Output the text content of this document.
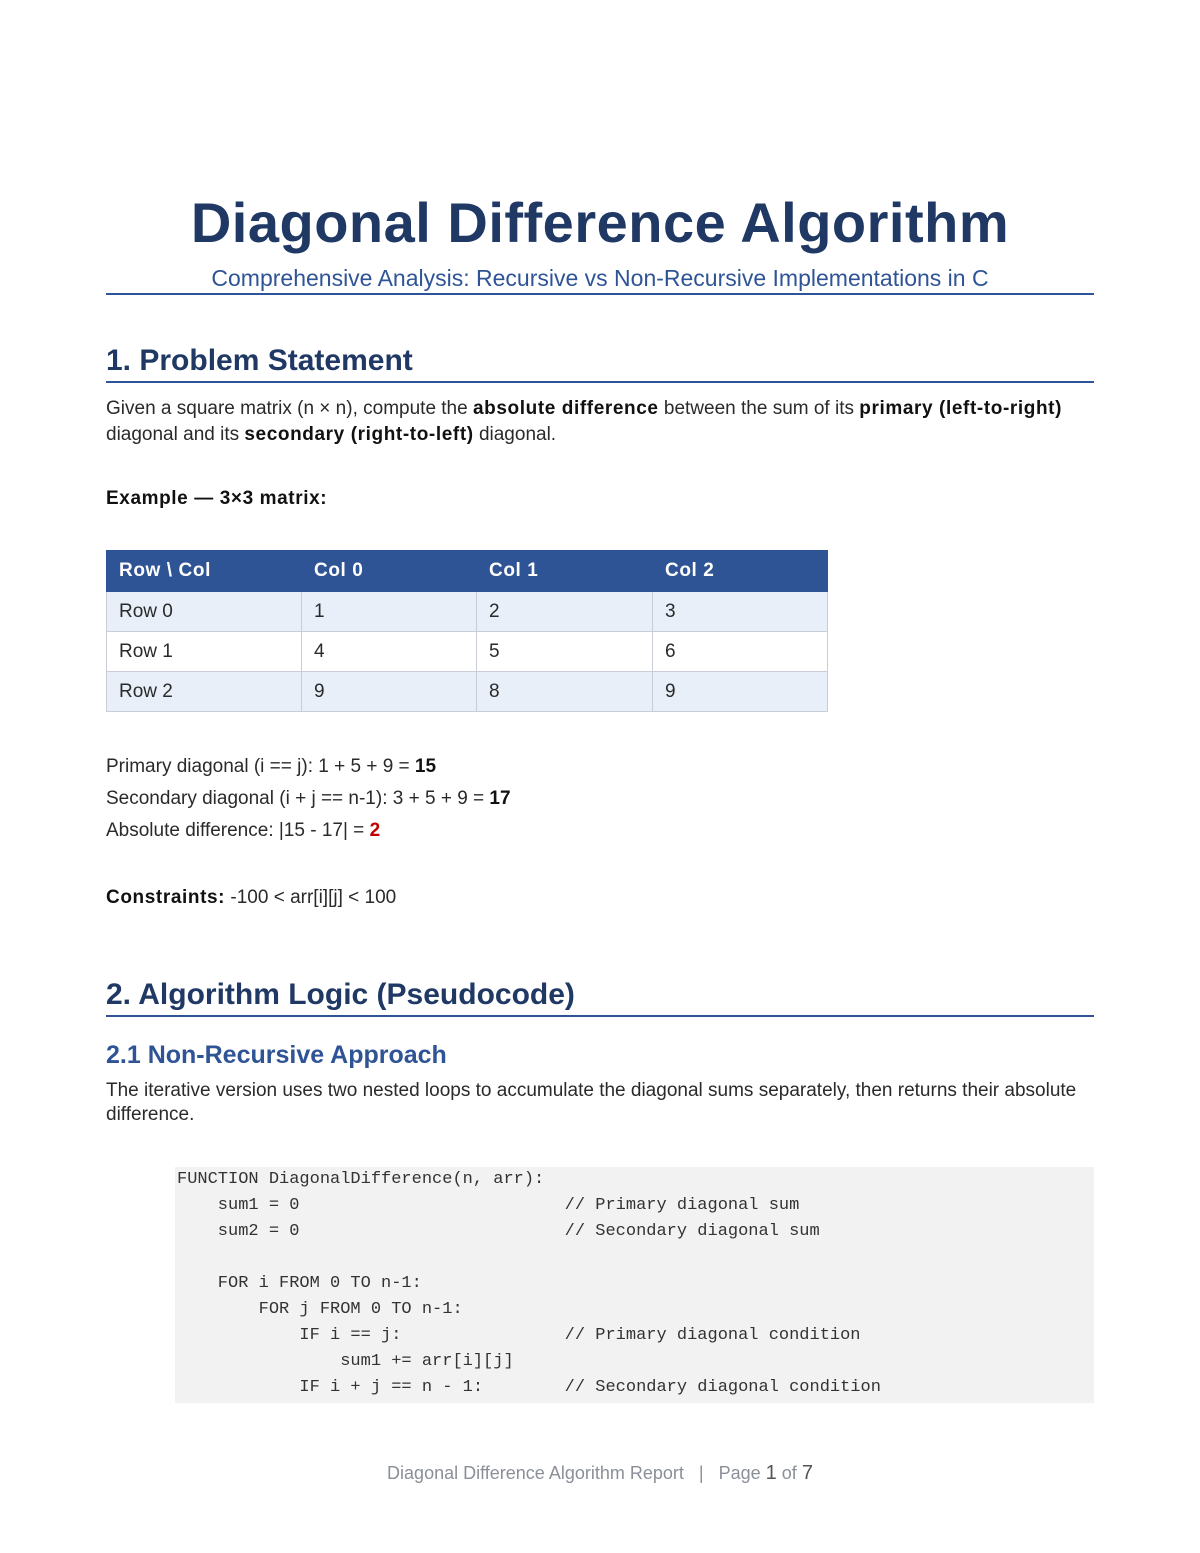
Diagonal Difference Algorithm
Comprehensive Analysis: Recursive vs Non-Recursive Implementations in C
1. Problem Statement

Given a square matrix (n × n), compute the absolute difference between the sum of its primary (left-to-right) diagonal and its secondary (right-to-left) diagonal.

Example — 3×3 matrix:
Row \ Col	Col 0	Col 1	Col 2
Row 0	1	2	3
Row 1	4	5	6
Row 2	9	8	9
Primary diagonal (i == j): 1 + 5 + 9 = 15
Secondary diagonal (i + j == n-1): 3 + 5 + 9 = 17
Absolute difference: |15 - 17| = 2
Constraints: -100 < arr[i][j] < 100
2. Algorithm Logic (Pseudocode)
2.1 Non-Recursive Approach

The iterative version uses two nested loops to accumulate the diagonal sums separately, then returns their absolute difference.

FUNCTION DiagonalDifference(n, arr):
sum1 = 0                          // Primary diagonal sum
sum2 = 0                          // Secondary diagonal sum
FOR i FROM 0 TO n-1:
FOR j FROM 0 TO n-1:
IF i == j:                // Primary diagonal condition
sum1 += arr[i][j]
IF i + j == n - 1:        // Secondary diagonal condition
Diagonal Difference Algorithm Report | Page 1 of 7
